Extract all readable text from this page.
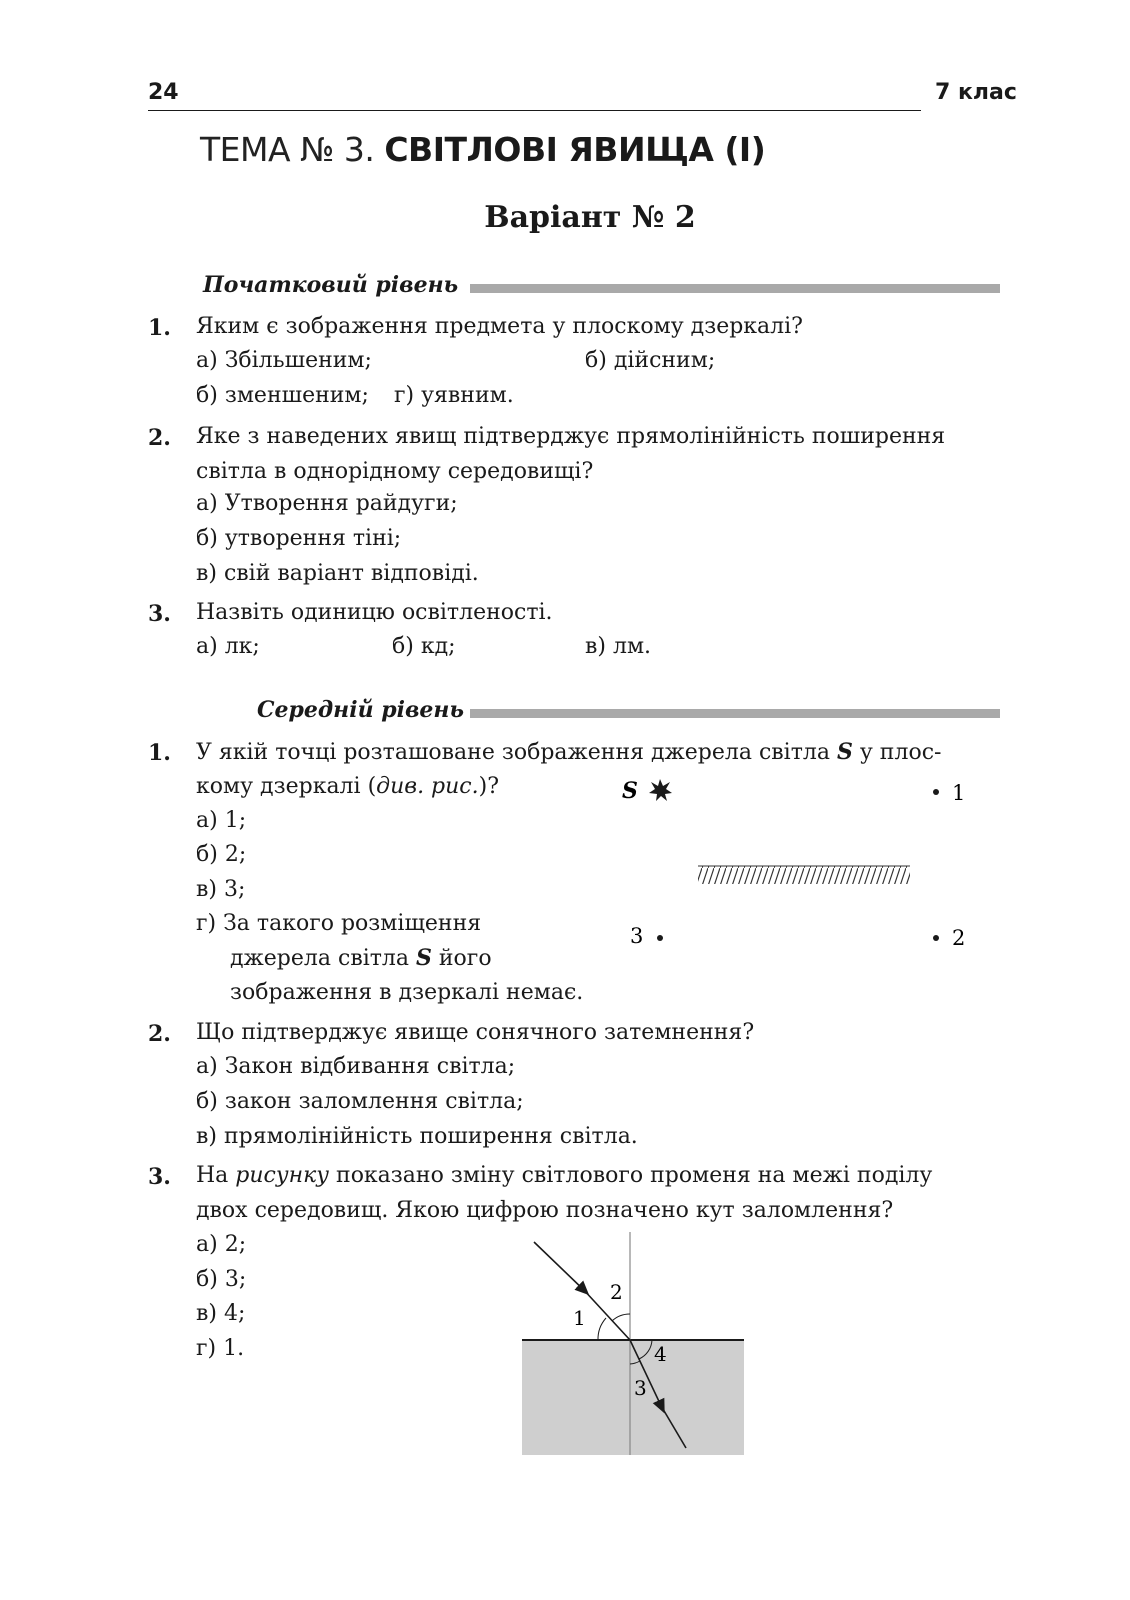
24	7 клас
ТЕМА № 3. СВІТЛОВІ ЯВИЩА (І)
Варіант № 2
Початковий рівень
1. Яким є зображення предмета у плоскому дзеркалі?
а) Збільшеним;	б) дійсним;
б) зменшеним; г) уявним.
2. Яке з наведених явищ підтверджує прямолінійність поширення
світла в однорідному середовищі?
а) Утворення райдуги;
б) утворення тіні;
в) свій варіант відповіді.
3. Назвіть одиницю освітленості.
а) лк;	б) кд;	в) лм.
Середній рівень
1. У якій точці розташоване зображення джерела світла S у плос-
кому дзеркалі (див. рис.)?
а) 1;
б) 2;
в) 3;
г) За такого розміщення
джерела світла S його
зображення в дзеркалі немає.
S	1
3	2
2. Що підтверджує явище сонячного затемнення?
а) Закон відбивання світла;
б) закон заломлення світла;
в) прямолінійність поширення світла.
3. На рисунку показано зміну світлового променя на межі поділу
двох середовищ. Якою цифрою позначено кут заломлення?
а) 2;
б) 3;
в) 4;
г) 1.
1
2
3
4
